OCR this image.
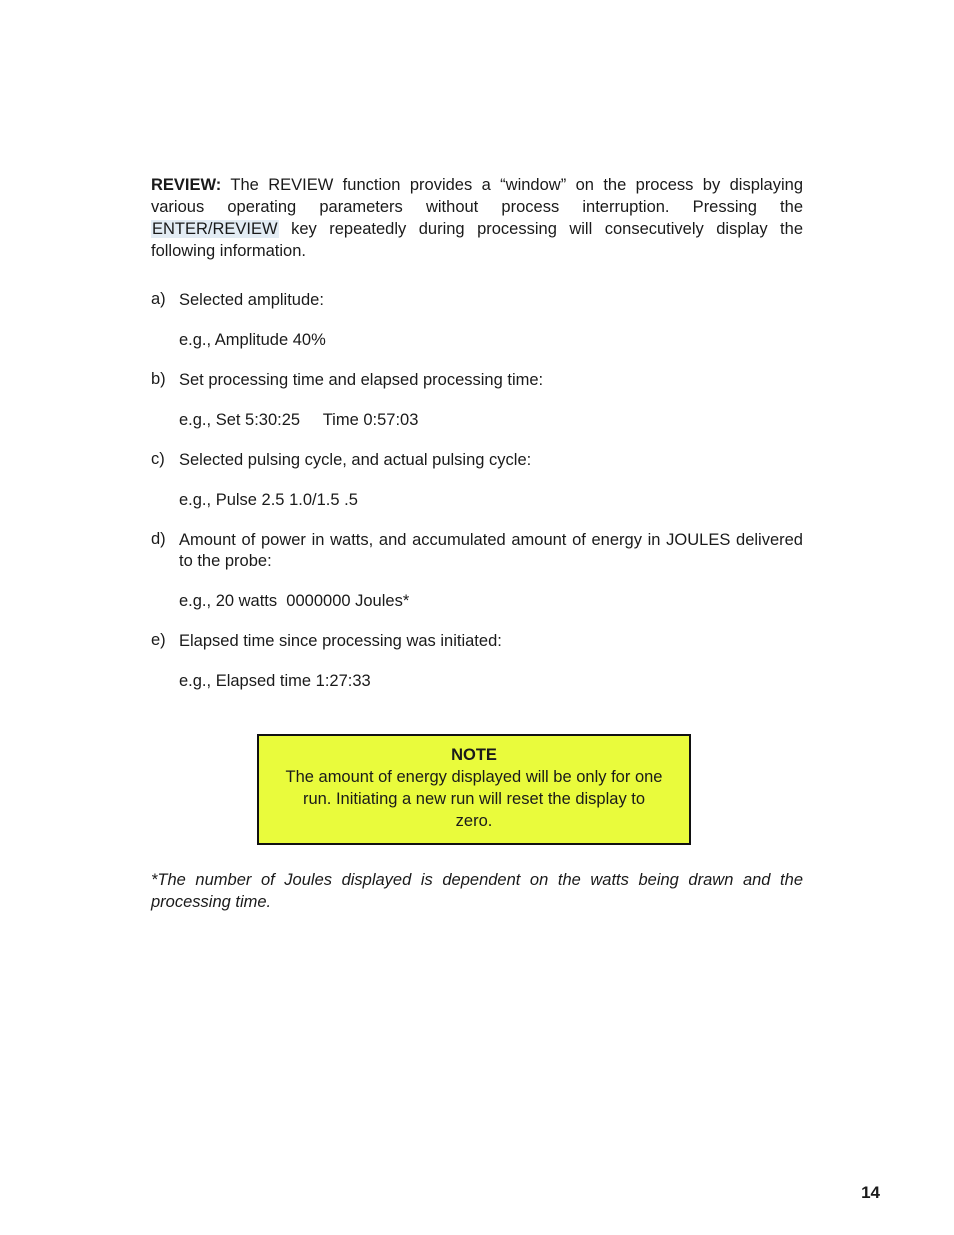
REVIEW: The REVIEW function provides a “window” on the process by displaying various operating parameters without process interruption. Pressing the ENTER/REVIEW key repeatedly during processing will consecutively display the following information.

a) Selected amplitude:
e.g., Amplitude 40%
b) Set processing time and elapsed processing time:
e.g., Set 5:30:25     Time 0:57:03
c) Selected pulsing cycle, and actual pulsing cycle:
e.g., Pulse 2.5 1.0/1.5 .5
d) Amount of power in watts, and accumulated amount of energy in JOULES delivered to the probe:
e.g., 20 watts  0000000 Joules*
e) Elapsed time since processing was initiated:
e.g., Elapsed time 1:27:33
NOTE
The amount of energy displayed will be only for one run. Initiating a new run will reset the display to zero.

*The number of Joules displayed is dependent on the watts being drawn and the processing time.

14
